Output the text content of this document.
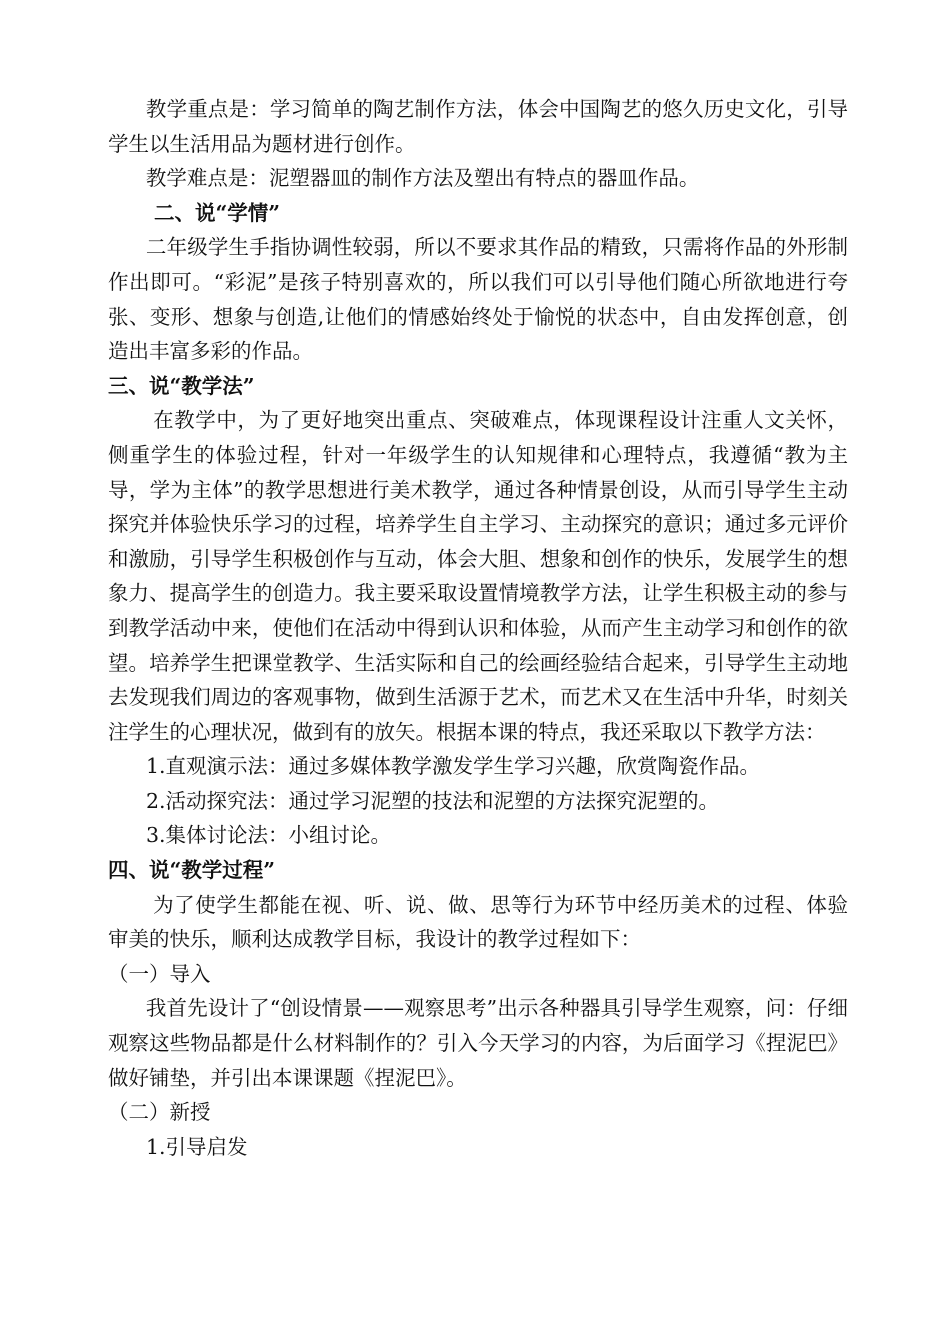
教学重点是：学习简单的陶艺制作方法，体会中国陶艺的悠久历史文化，引导学生以生活用品为题材进行创作。

教学难点是：泥塑器皿的制作方法及塑出有特点的器皿作品。

二、说“学情”

二年级学生手指协调性较弱，所以不要求其作品的精致，只需将作品的外形制作出即可。“彩泥”是孩子特别喜欢的，所以我们可以引导他们随心所欲地进行夸张、变形、想象与创造,让他们的情感始终处于愉悦的状态中，自由发挥创意，创造出丰富多彩的作品。

三、说“教学法”

在教学中，为了更好地突出重点、突破难点，体现课程设计注重人文关怀，侧重学生的体验过程，针对一年级学生的认知规律和心理特点，我遵循“教为主导，学为主体”的教学思想进行美术教学，通过各种情景创设，从而引导学生主动探究并体验快乐学习的过程，培养学生自主学习、主动探究的意识；通过多元评价和激励，引导学生积极创作与互动，体会大胆、想象和创作的快乐，发展学生的想象力、提高学生的创造力。我主要采取设置情境教学方法，让学生积极主动的参与到教学活动中来，使他们在活动中得到认识和体验，从而产生主动学习和创作的欲望。培养学生把课堂教学、生活实际和自己的绘画经验结合起来，引导学生主动地去发现我们周边的客观事物，做到生活源于艺术，而艺术又在生活中升华，时刻关注学生的心理状况，做到有的放矢。根据本课的特点，我还采取以下教学方法：

1.直观演示法：通过多媒体教学激发学生学习兴趣，欣赏陶瓷作品。

2.活动探究法：通过学习泥塑的技法和泥塑的方法探究泥塑的。

3.集体讨论法：小组讨论。

四、说“教学过程”

为了使学生都能在视、听、说、做、思等行为环节中经历美术的过程、体验审美的快乐，顺利达成教学目标，我设计的教学过程如下：

（一）导入

我首先设计了“创设情景——观察思考”出示各种器具引导学生观察，问：仔细观察这些物品都是什么材料制作的？引入今天学习的内容，为后面学习《捏泥巴》做好铺垫，并引出本课课题《捏泥巴》。

（二）新授

1.引导启发
